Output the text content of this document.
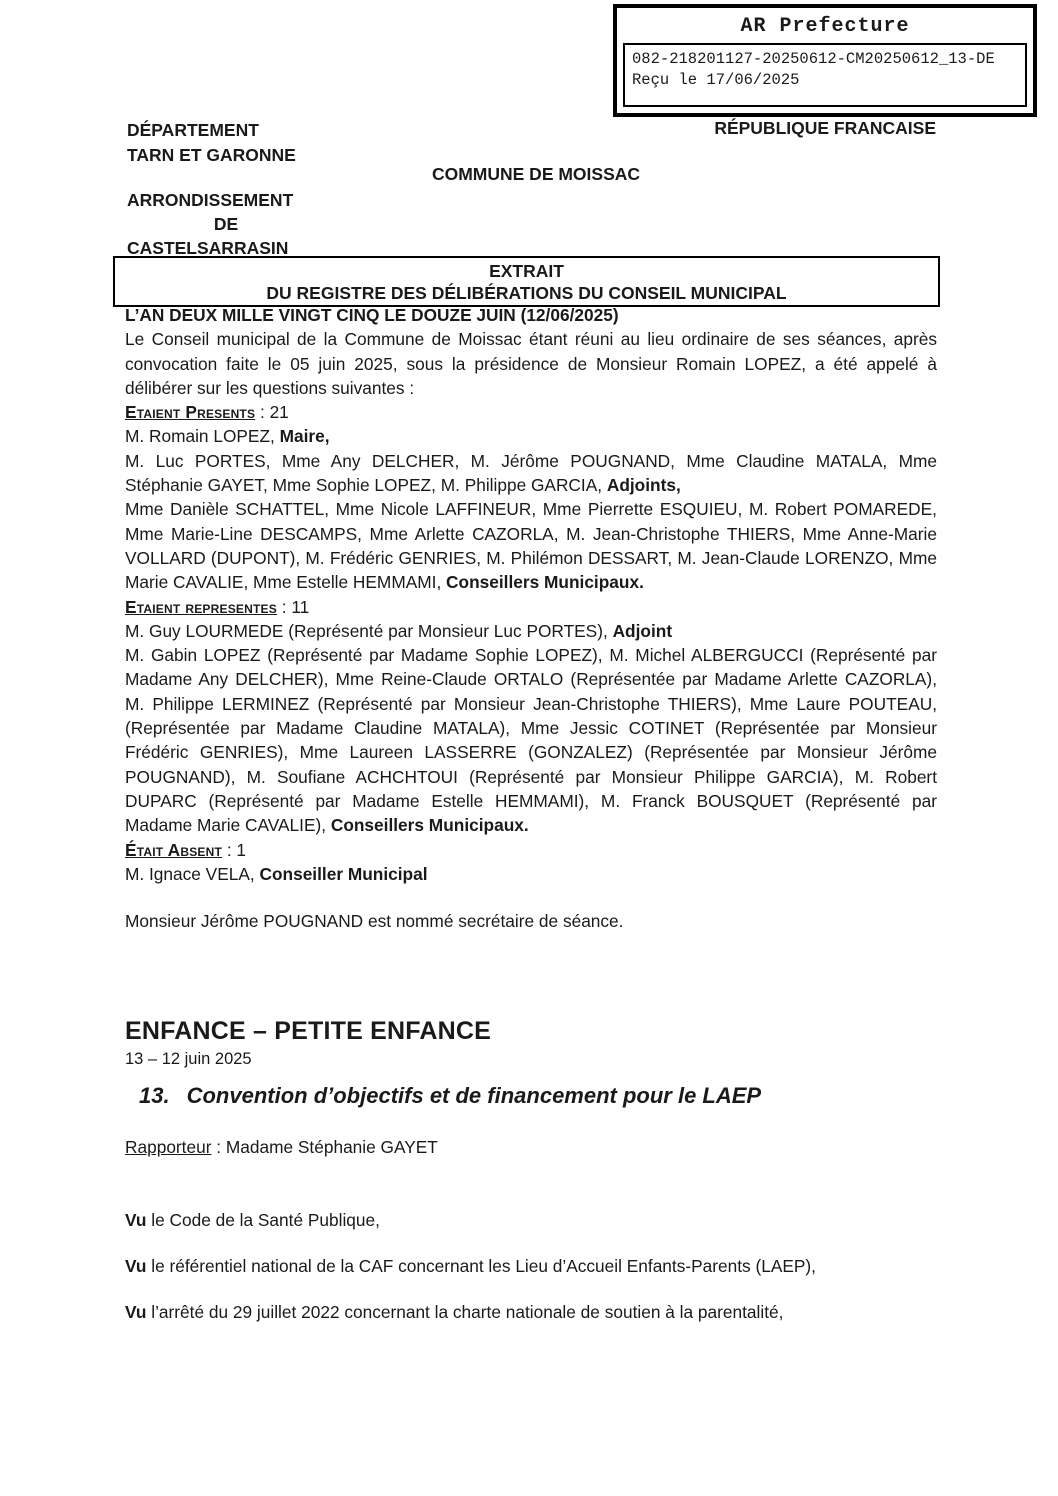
AR Prefecture
082-218201127-20250612-CM20250612_13-DE
Reçu le 17/06/2025
DÉPARTEMENT
TARN ET GARONNE
ARRONDISSEMENT
DE
CASTELSARRASIN
COMMUNE DE MOISSAC
RÉPUBLIQUE FRANCAISE
EXTRAIT
DU REGISTRE DES DÉLIBÉRATIONS DU CONSEIL MUNICIPAL

L’AN DEUX MILLE VINGT CINQ LE DOUZE JUIN (12/06/2025)

Le Conseil municipal de la Commune de Moissac étant réuni au lieu ordinaire de ses séances, après convocation faite le 05 juin 2025, sous la présidence de Monsieur Romain LOPEZ, a été appelé à délibérer sur les questions suivantes :

Etaient Presents : 21

M. Romain LOPEZ, Maire,

M. Luc PORTES, Mme Any DELCHER, M. Jérôme POUGNAND, Mme Claudine MATALA, Mme Stéphanie GAYET, Mme Sophie LOPEZ, M. Philippe GARCIA, Adjoints,

Mme Danièle SCHATTEL, Mme Nicole LAFFINEUR, Mme Pierrette ESQUIEU, M. Robert POMAREDE, Mme Marie-Line DESCAMPS, Mme Arlette CAZORLA, M. Jean-Christophe THIERS, Mme Anne-Marie VOLLARD (DUPONT), M. Frédéric GENRIES, M. Philémon DESSART, M. Jean-Claude LORENZO, Mme Marie CAVALIE, Mme Estelle HEMMAMI, Conseillers Municipaux.

Etaient representes : 11

M. Guy LOURMEDE (Représenté par Monsieur Luc PORTES), Adjoint

M. Gabin LOPEZ (Représenté par Madame Sophie LOPEZ), M. Michel ALBERGUCCI (Représenté par Madame Any DELCHER), Mme Reine-Claude ORTALO (Représentée par Madame Arlette CAZORLA), M. Philippe LERMINEZ (Représenté par Monsieur Jean-Christophe THIERS), Mme Laure POUTEAU, (Représentée par Madame Claudine MATALA), Mme Jessic COTINET (Représentée par Monsieur Frédéric GENRIES), Mme Laureen LASSERRE (GONZALEZ) (Représentée par Monsieur Jérôme POUGNAND), M. Soufiane ACHCHTOUI (Représenté par Monsieur Philippe GARCIA), M. Robert DUPARC (Représenté par Madame Estelle HEMMAMI), M. Franck BOUSQUET (Représenté par Madame Marie CAVALIE), Conseillers Municipaux.

Était Absent : 1

M. Ignace VELA, Conseiller Municipal

Monsieur Jérôme POUGNAND est nommé secrétaire de séance.

ENFANCE – PETITE ENFANCE

13 – 12 juin 2025

13. Convention d’objectifs et de financement pour le LAEP

Rapporteur : Madame Stéphanie GAYET

Vu le Code de la Santé Publique,

Vu le référentiel national de la CAF concernant les Lieu d’Accueil Enfants-Parents (LAEP),

Vu l’arrêté du 29 juillet 2022 concernant la charte nationale de soutien à la parentalité,
